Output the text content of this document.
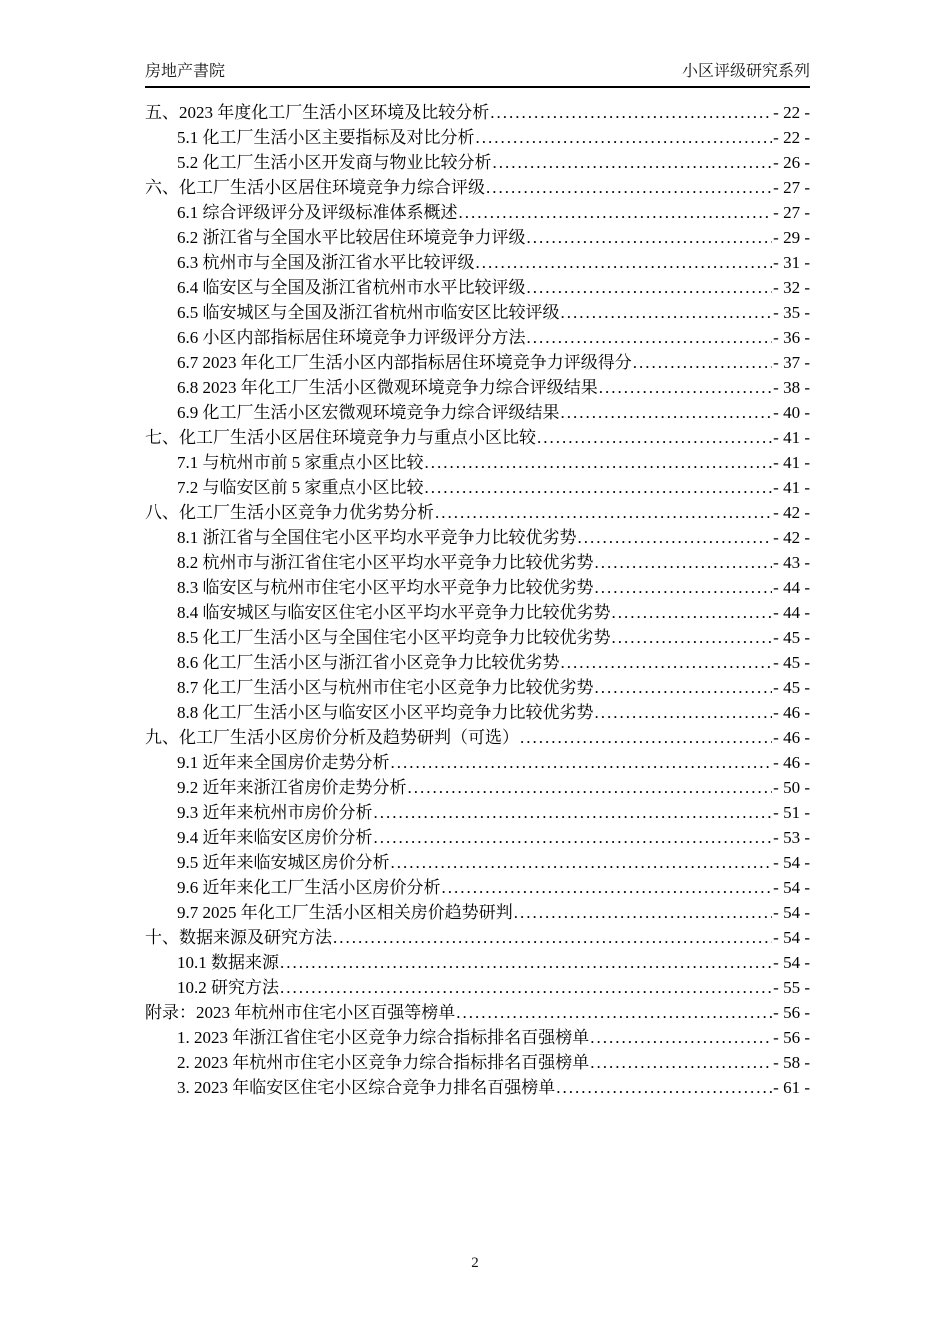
房地产書院	小区评级研究系列
五、2023 年度化工厂生活小区环境及比较分析 .....	- 22 -
5.1 化工厂生活小区主要指标及对比分析 .....	- 22 -
5.2 化工厂生活小区开发商与物业比较分析 .....	- 26 -
六、化工厂生活小区居住环境竞争力综合评级 .....	- 27 -
6.1 综合评级评分及评级标准体系概述 .....	- 27 -
6.2 浙江省与全国水平比较居住环境竞争力评级 .....	- 29 -
6.3 杭州市与全国及浙江省水平比较评级 .....	- 31 -
6.4 临安区与全国及浙江省杭州市水平比较评级 .....	- 32 -
6.5 临安城区与全国及浙江省杭州市临安区比较评级 .....	- 35 -
6.6 小区内部指标居住环境竞争力评级评分方法 .....	- 36 -
6.7 2023 年化工厂生活小区内部指标居住环境竞争力评级得分 .....	- 37 -
6.8 2023 年化工厂生活小区微观环境竞争力综合评级结果 .....	- 38 -
6.9 化工厂生活小区宏微观环境竞争力综合评级结果 .....	- 40 -
七、化工厂生活小区居住环境竞争力与重点小区比较 .....	- 41 -
7.1 与杭州市前 5 家重点小区比较 .....	- 41 -
7.2 与临安区前 5 家重点小区比较 .....	- 41 -
八、化工厂生活小区竞争力优劣势分析 .....	- 42 -
8.1 浙江省与全国住宅小区平均水平竞争力比较优劣势 .....	- 42 -
8.2 杭州市与浙江省住宅小区平均水平竞争力比较优劣势 .....	- 43 -
8.3 临安区与杭州市住宅小区平均水平竞争力比较优劣势 .....	- 44 -
8.4 临安城区与临安区住宅小区平均水平竞争力比较优劣势 .....	- 44 -
8.5 化工厂生活小区与全国住宅小区平均竞争力比较优劣势 .....	- 45 -
8.6 化工厂生活小区与浙江省小区竞争力比较优劣势 .....	- 45 -
8.7 化工厂生活小区与杭州市住宅小区竞争力比较优劣势 .....	- 45 -
8.8 化工厂生活小区与临安区小区平均竞争力比较优劣势 .....	- 46 -
九、化工厂生活小区房价分析及趋势研判（可选） .....	- 46 -
9.1 近年来全国房价走势分析 .....	- 46 -
9.2 近年来浙江省房价走势分析 .....	- 50 -
9.3 近年来杭州市房价分析 .....	- 51 -
9.4 近年来临安区房价分析 .....	- 53 -
9.5 近年来临安城区房价分析 .....	- 54 -
9.6 近年来化工厂生活小区房价分析 .....	- 54 -
9.7 2025 年化工厂生活小区相关房价趋势研判 .....	- 54 -
十、数据来源及研究方法 .....	- 54 -
10.1 数据来源 .....	- 54 -
10.2 研究方法 .....	- 55 -
附录：2023 年杭州市住宅小区百强等榜单 .....	- 56 -
1. 2023 年浙江省住宅小区竞争力综合指标排名百强榜单 .....	- 56 -
2. 2023 年杭州市住宅小区竞争力综合指标排名百强榜单 .....	- 58 -
3. 2023 年临安区住宅小区综合竞争力排名百强榜单 .....	- 61 -
2
